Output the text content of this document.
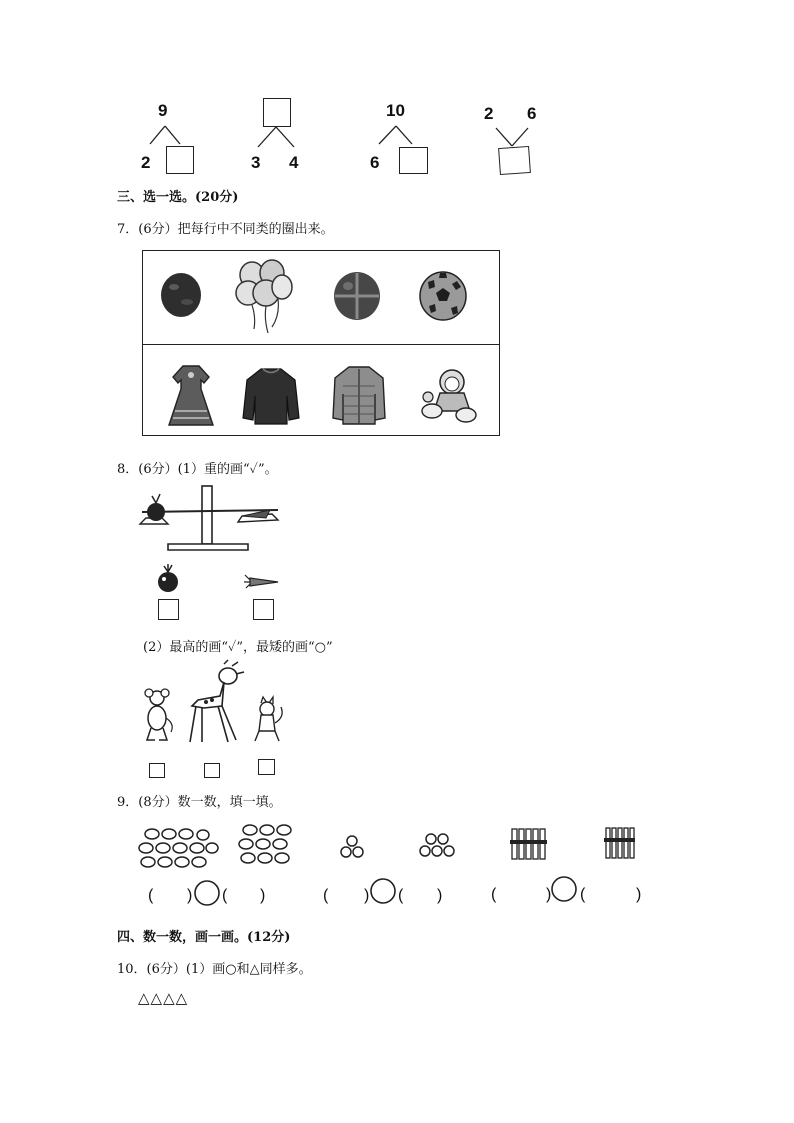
9
2	3 4
10
6
2 6
三、选一选。(20分)
7．(6分）把每行中不同类的圈出来。
8．(6分）(1）重的画“✓”。
(2）最高的画“✓”，最矮的画“○”
9．(8分）数一数，填一填。
( ) ( )	( ) ( )	(	) (	)
四、数一数，画一画。(12分)
10．(6分）(1）画○和△同样多。
△△△△
